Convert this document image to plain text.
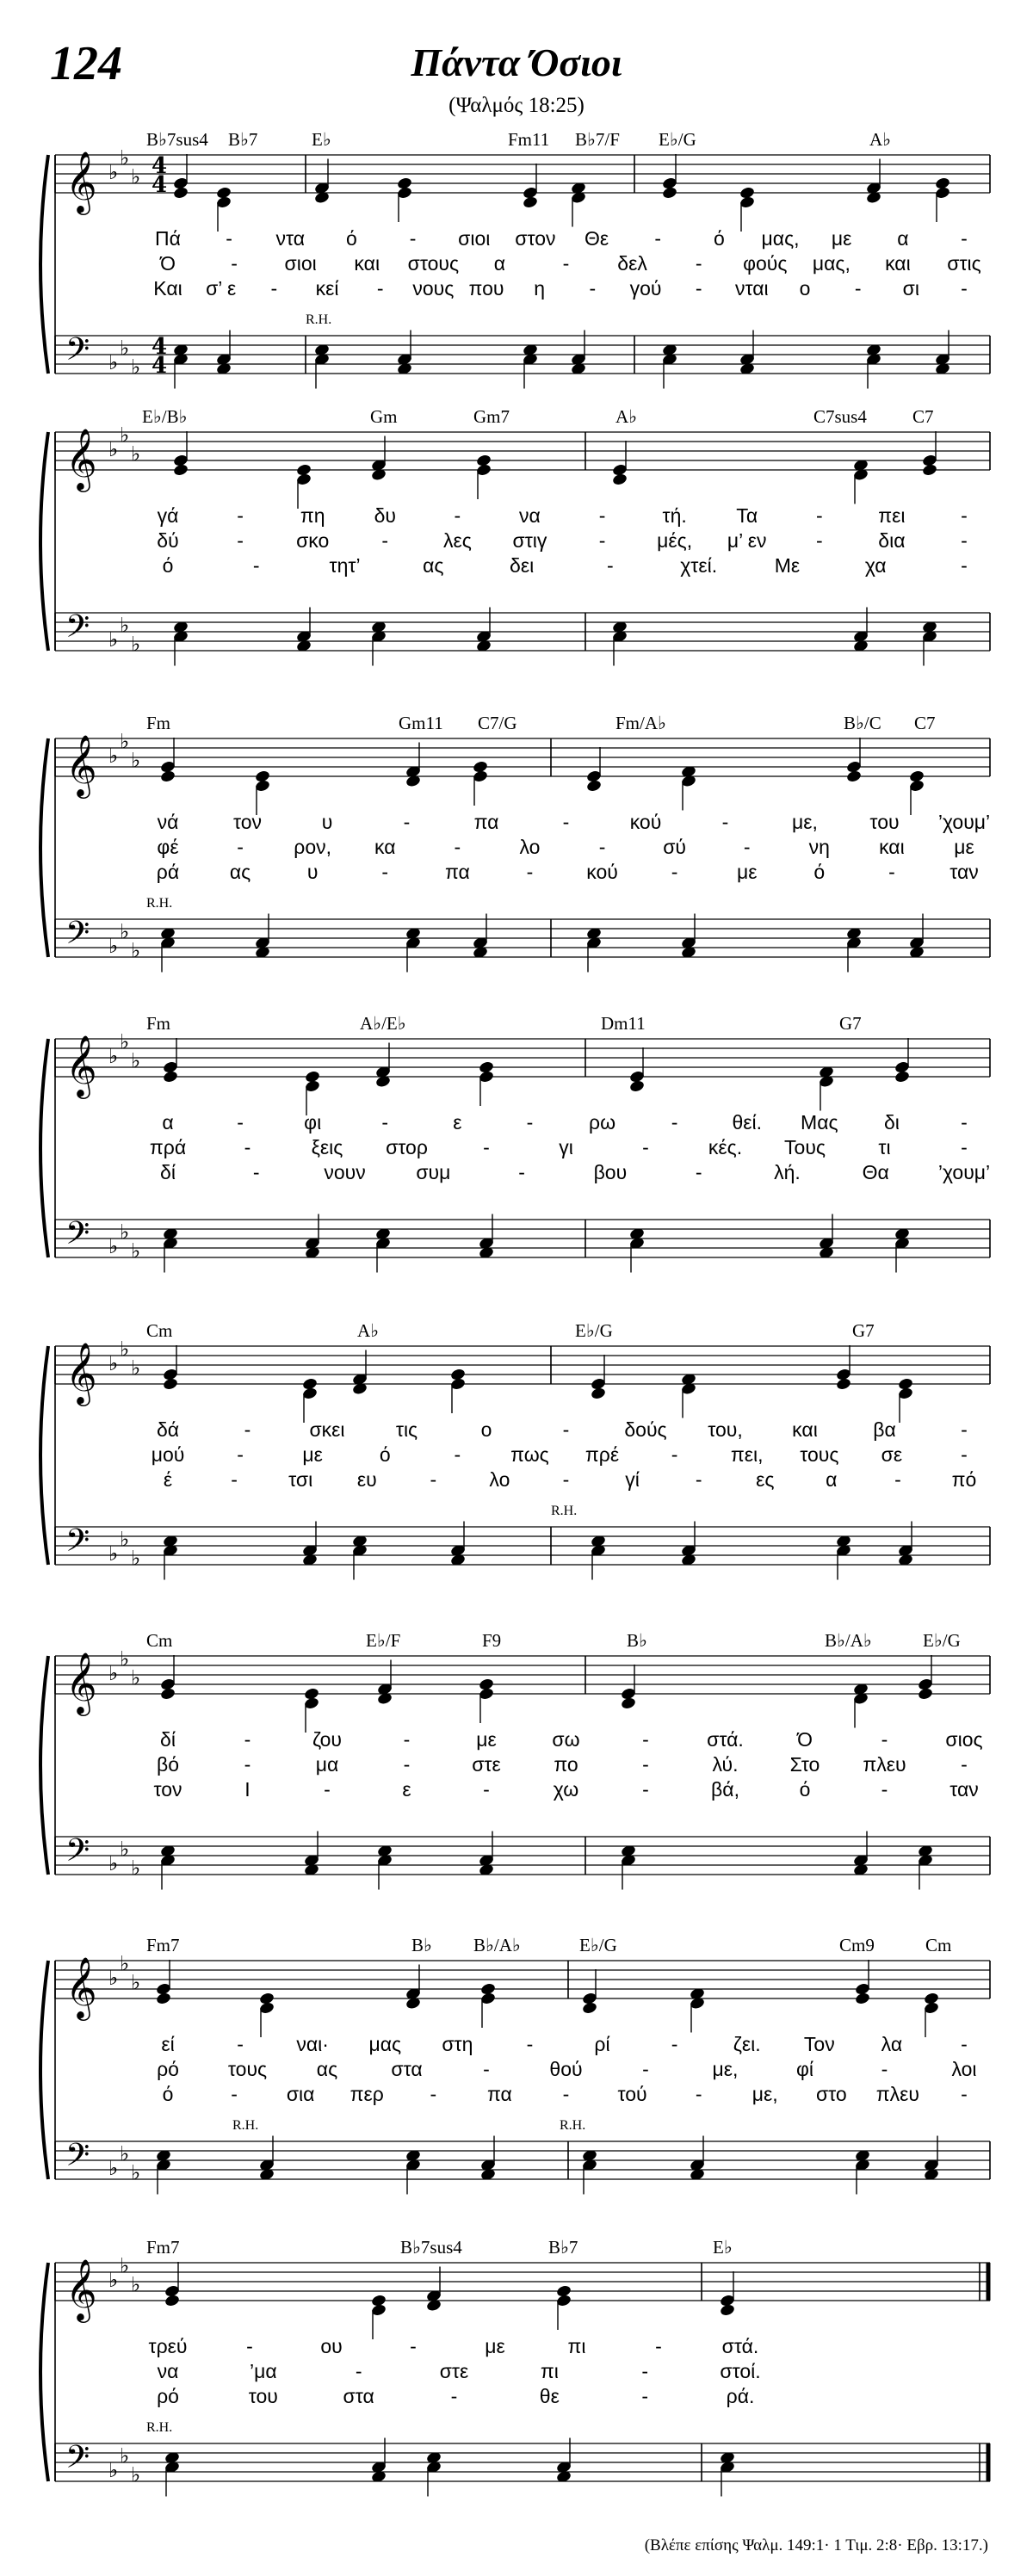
124	Πάντα Όσιοι
(Ψαλμός 18:25)
𝄞 ♭
♭
♭ 4
4
𝄢 ♭
♭
♭
4
4
B♭7sus4 B♭7	E♭	Fm11 B♭7/F E♭/G	A♭
R.H.
Πά - ντα ό	- σιοι στον Θε -	ό μας, με α	-
Ό	- σιοι και στους α	- δελ - φούς μας, και στις
Και σ’ ε - κεί - νους που η - γού - νται ο - σι -
𝄞 ♭
♭
♭
𝄢 ♭
♭
♭
E♭/B♭	Gm	Gm7	A♭	C7sus4	C7
γά	-	πη δυ	-	να	-	τή.	Τα	-	πει	-
δύ	-	σκο	-	λες στιγ	-	μές, μ’ εν -	δια	-
ό	-	τητ’	ας	δει	-	χτεί.	Με	χα	-
𝄞 ♭
♭
♭
𝄢 ♭
♭
♭
Fm	Gm11 C7/G	Fm/A♭	B♭/C C7
R.H.
νά	τον	υ	-	πα	-	κού	-	με,	του ’χουμ’
φέ	-	ρον, κα	-	λο	-	σύ	-	νη και	με
ρά	ας	υ	-	πα	-	κού	-	με	ό	-	ταν
𝄞 ♭
♭
♭
𝄢 ♭
♭
♭
Fm	A♭/E♭	Dm11	G7
α	-	φι	-	ε	-	ρω	-	θεί. Μας δι	-
πρά	-	ξεις στορ	-	γι	-	κές. Τους	τι	-
δί	-	νουν	συμ	-	βου	-	λή.	Θα ’χουμ’
𝄞 ♭
♭
♭
𝄢 ♭
♭
♭
Cm	A♭	E♭/G	G7
R.H.
δά	-	σκει	τις	ο	-	δούς του, και	βα	-
μού	-	με	ό	-	πως πρέ	-	πει, τους σε	-
έ	-	τσι ευ	-	λο	-	γί	-	ες	α	-	πό
𝄞 ♭
♭
♭
𝄢 ♭
♭
♭
Cm	E♭/F	F9	B♭	B♭/A♭	E♭/G
δί	-	ζου	-	με	σω	-	στά.	Ό	-	σιος
βό	-	μα	-	στε	πο	-	λύ.	Στο πλευ	-
τον	Ι	-	ε	-	χω	-	βά,	ό	-	ταν
𝄞 ♭
♭
♭
𝄢 ♭
♭
♭
Fm7	B♭ B♭/A♭	E♭/G	Cm9	Cm
R.H.	R.H.
εί	-	ναι· μας στη	-	ρί	-	ζει. Τον λα	-
ρό τους	ας	στα	-	θού	-	με,	φί	-	λοι
ό	- σια περ -	πα	- τού -	με, στο πλευ -
𝄞 ♭
♭
♭
𝄢 ♭
♭
♭
Fm7	B♭7sus4	B♭7	E♭
R.H.
τρεύ	-	ου	-	με	πι	-	στά.
να	’μα	-	στε	πι	-	στοί.
ρό	του	στα	-	θε	-	ρά.
(Βλέπε επίσης Ψαλμ. 149:1· 1 Τιμ. 2:8· Εβρ. 13:17.)
